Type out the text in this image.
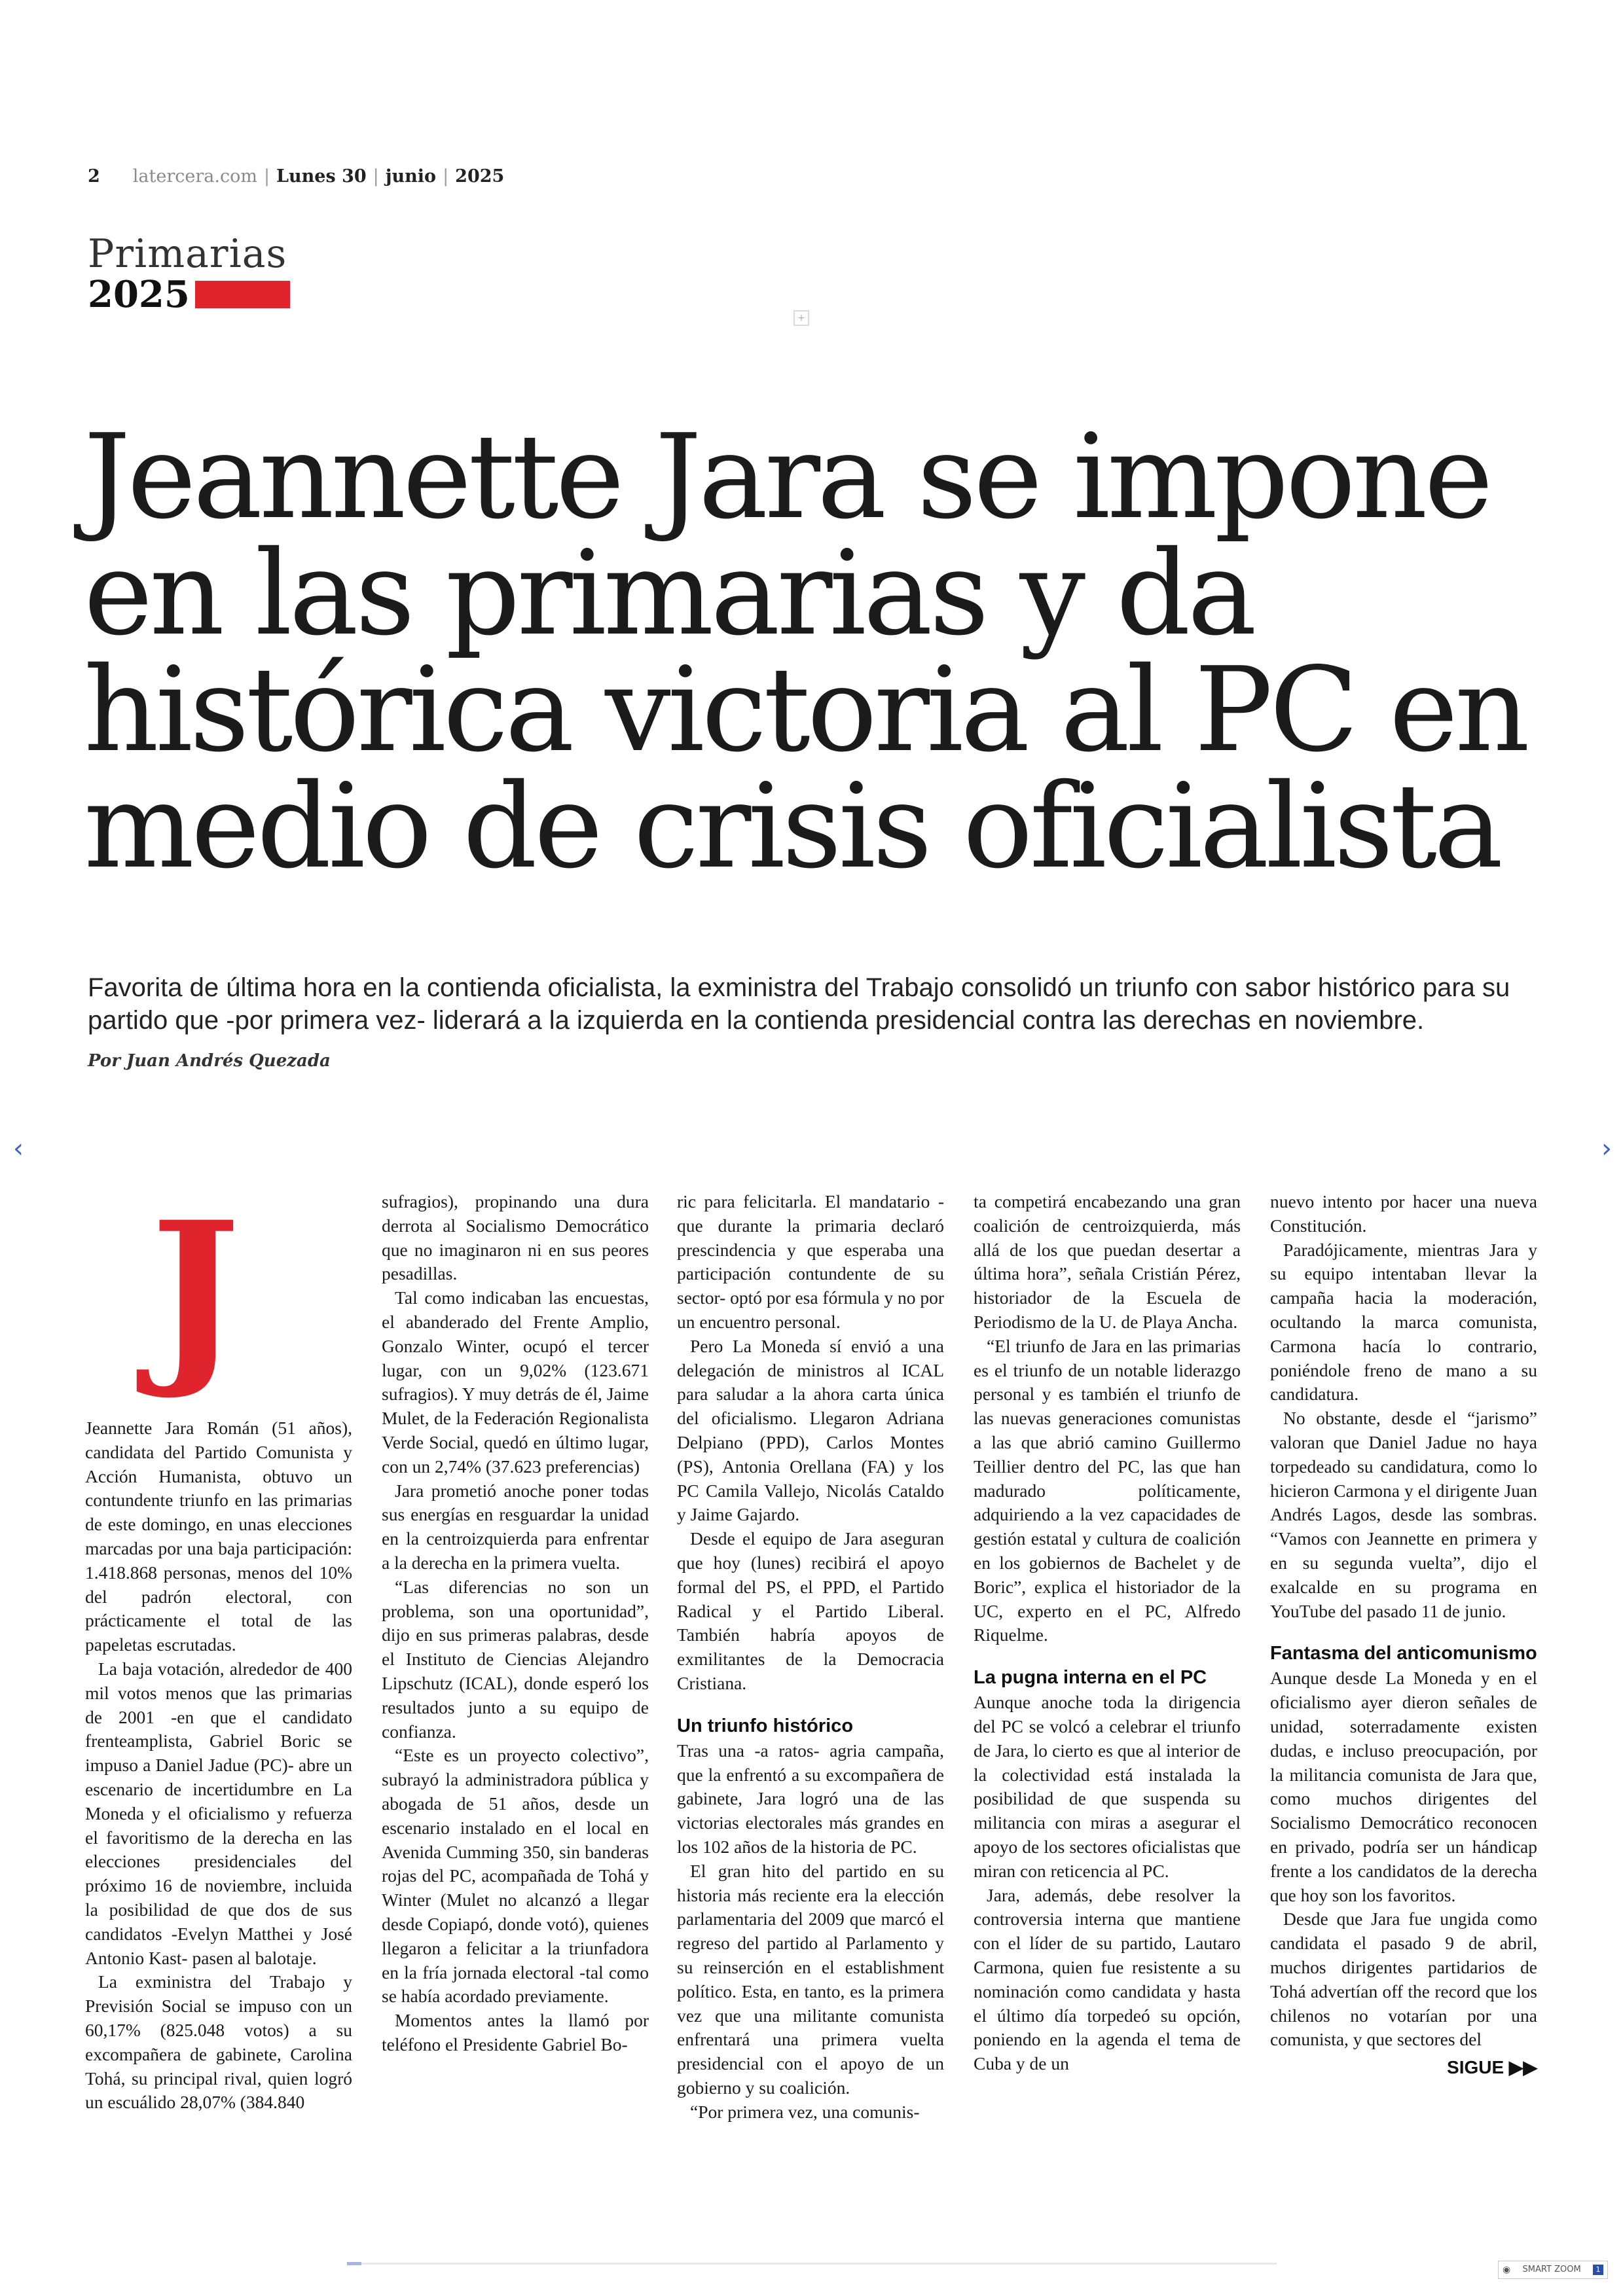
2 latercera.com | Lunes 30 | junio | 2025
Primarias
2025
+
Jeannette Jara se impone en las primarias y da histórica victoria al PC en medio de crisis oficialista

Favorita de última hora en la contienda oficialista, la exministra del Trabajo consolidó un triunfo con sabor histórico para su partido que -por primera vez- liderará a la izquierda en la contienda presidencial contra las derechas en noviembre.

Por Juan Andrés Quezada
‹	›
J

Jeannette Jara Román (51 años), candidata del Partido Comunista y Acción Humanista, obtuvo un contundente triunfo en las primarias de este domingo, en unas elecciones marcadas por una baja participación: 1.418.868 personas, menos del 10% del padrón electoral, con prácticamente el total de las papeletas escrutadas.

La baja votación, alrededor de 400 mil votos menos que las primarias de 2001 -en que el candidato frenteamplista, Gabriel Boric se impuso a Daniel Jadue (PC)- abre un escenario de incertidumbre en La Moneda y el oficialismo y refuerza el favoritismo de la derecha en las elecciones presidenciales del próximo 16 de noviembre, incluida la posibilidad de que dos de sus candidatos -Evelyn Matthei y José Antonio Kast- pasen al balotaje.

La exministra del Trabajo y Previsión Social se impuso con un 60,17% (825.048 votos) a su excompañera de gabinete, Carolina Tohá, su principal rival, quien logró un escuálido 28,07% (384.840

sufragios), propinando una dura derrota al Socialismo Democrático que no imaginaron ni en sus peores pesadillas.

Tal como indicaban las encuestas, el abanderado del Frente Amplio, Gonzalo Winter, ocupó el tercer lugar, con un 9,02% (123.671 sufragios). Y muy detrás de él, Jaime Mulet, de la Federación Regionalista Verde Social, quedó en último lugar, con un 2,74% (37.623 preferencias)

Jara prometió anoche poner todas sus energías en resguardar la unidad en la centroizquierda para enfrentar a la derecha en la primera vuelta.

“Las diferencias no son un problema, son una oportunidad”, dijo en sus primeras palabras, desde el Instituto de Ciencias Alejandro Lipschutz (ICAL), donde esperó los resultados junto a su equipo de confianza.

“Este es un proyecto colectivo”, subrayó la administradora pública y abogada de 51 años, desde un escenario instalado en el local en Avenida Cumming 350, sin banderas rojas del PC, acompañada de Tohá y Winter (Mulet no alcanzó a llegar desde Copiapó, donde votó), quienes llegaron a felicitar a la triunfadora en la fría jornada electoral -tal como se había acordado previamente.

Momentos antes la llamó por teléfono el Presidente Gabriel Bo-

ric para felicitarla. El mandatario -que durante la primaria declaró prescindencia y que esperaba una participación contundente de su sector- optó por esa fórmula y no por un encuentro personal.

Pero La Moneda sí envió a una delegación de ministros al ICAL para saludar a la ahora carta única del oficialismo. Llegaron Adriana Delpiano (PPD), Carlos Montes (PS), Antonia Orellana (FA) y los PC Camila Vallejo, Nicolás Cataldo y Jaime Gajardo.

Desde el equipo de Jara aseguran que hoy (lunes) recibirá el apoyo formal del PS, el PPD, el Partido Radical y el Partido Liberal. También habría apoyos de exmilitantes de la Democracia Cristiana.

Un triunfo histórico

Tras una -a ratos- agria campaña, que la enfrentó a su excompañera de gabinete, Jara logró una de las victorias electorales más grandes en los 102 años de la historia de PC.

El gran hito del partido en su historia más reciente era la elección parlamentaria del 2009 que marcó el regreso del partido al Parlamento y su reinserción en el establishment político. Esta, en tanto, es la primera vez que una militante comunista enfrentará una primera vuelta presidencial con el apoyo de un gobierno y su coalición.

“Por primera vez, una comunis-

ta competirá encabezando una gran coalición de centroizquierda, más allá de los que puedan desertar a última hora”, señala Cristián Pérez, historiador de la Escuela de Periodismo de la U. de Playa Ancha.

“El triunfo de Jara en las primarias es el triunfo de un notable liderazgo personal y es también el triunfo de las nuevas generaciones comunistas a las que abrió camino Guillermo Teillier dentro del PC, las que han madurado políticamente, adquiriendo a la vez capacidades de gestión estatal y cultura de coalición en los gobiernos de Bachelet y de Boric”, explica el historiador de la UC, experto en el PC, Alfredo Riquelme.

La pugna interna en el PC

Aunque anoche toda la dirigencia del PC se volcó a celebrar el triunfo de Jara, lo cierto es que al interior de la colectividad está instalada la posibilidad de que suspenda su militancia con miras a asegurar el apoyo de los sectores oficialistas que miran con reticencia al PC.

Jara, además, debe resolver la controversia interna que mantiene con el líder de su partido, Lautaro Carmona, quien fue resistente a su nominación como candidata y hasta el último día torpedeó su opción, poniendo en la agenda el tema de Cuba y de un

nuevo intento por hacer una nueva Constitución.

Paradójicamente, mientras Jara y su equipo intentaban llevar la campaña hacia la moderación, ocultando la marca comunista, Carmona hacía lo contrario, poniéndole freno de mano a su candidatura.

No obstante, desde el “jarismo” valoran que Daniel Jadue no haya torpedeado su candidatura, como lo hicieron Carmona y el dirigente Juan Andrés Lagos, desde las sombras. “Vamos con Jeannette en primera y en su segunda vuelta”, dijo el exalcalde en su programa en YouTube del pasado 11 de junio.

Fantasma del anticomunismo

Aunque desde La Moneda y en el oficialismo ayer dieron señales de unidad, soterradamente existen dudas, e incluso preocupación, por la militancia comunista de Jara que, como muchos dirigentes del Socialismo Democrático reconocen en privado, podría ser un hándicap frente a los candidatos de la derecha que hoy son los favoritos.

Desde que Jara fue ungida como candidata el pasado 9 de abril, muchos dirigentes partidarios de Tohá advertían off the record que los chilenos no votarían por una comunista, y que sectores del

SIGUE ▶▶
◉ SMART ZOOM	1
